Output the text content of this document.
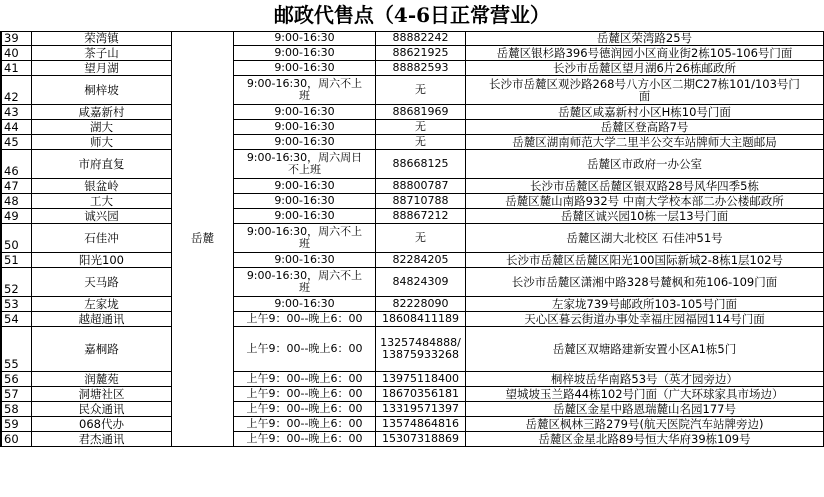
邮政代售点（4-6日正常营业）
39	荣湾镇	9:00-16:30	88882242	岳麓区荣湾路25号
40	茶子山	9:00-16:30	88621925	岳麓区银杉路396号德润园小区商业街2栋105-106号门面
41	望月湖	9:00-16:30	88882593	长沙市岳麓区望月湖6片26栋邮政所
42	桐梓坡	9:00-16:30，周六不上
班	无	长沙市岳麓区观沙路268号八方小区二期C27栋101/103号门
面
43	咸嘉新村	9:00-16:30	88681969	岳麓区咸嘉新村小区H栋10号门面
44	湖大	9:00-16:30	无	岳麓区登高路7号
45	师大	9:00-16:30	无	岳麓区湖南师范大学二里半公交车站牌师大主题邮局
46	市府直复	9:00-16:30，周六周日
不上班	88668125	岳麓区市政府一办公室
47	银盆岭	9:00-16:30	88800787	长沙市岳麓区岳麓区银双路28号风华四季5栋
48	工大	9:00-16:30	88710788	岳麓区麓山南路932号 中南大学校本部二办公楼邮政所
49	诚兴园	9:00-16:30	88867212	岳麓区诚兴园10栋一层13号门面
50	石佳冲	9:00-16:30，周六不上
班	无	岳麓区湖大北校区 石佳冲51号
51	阳光100	9:00-16:30	82284205	长沙市岳麓区岳麓区阳光100国际新城2-8栋1层102号
52	天马路	9:00-16:30，周六不上
班	84824309	长沙市岳麓区潇湘中路328号麓枫和苑106-109门面
53	左家垅	9:00-16:30	82228090	左家垅739号邮政所103-105号门面
54	越超通讯	上午9：00--晚上6：00	18608411189	天心区暮云街道办事处幸福庄园福园114号门面
55
嘉桐路	上午9：00--晚上6：00	13257484888/
13875933268	岳麓区双塘路建新安置小区A1栋5门
56	润麓苑	上午9：00--晚上6：00	13975118400	桐梓坡岳华南路53号（英才园旁边）
57	洞塘社区	上午9：00--晚上6：00	18670356181	望城坡玉兰路44栋102号门面（广大环球家具市场边）
58	民众通讯	上午9：00--晚上6：00	13319571397	岳麓区金星中路恩瑞麓山名园177号
59	068代办	上午9：00--晚上6：00	13574864816	岳麓区枫林三路279号(航天医院汽车站牌旁边)
60	君杰通讯	上午9：00--晚上6：00	15307318869	岳麓区金星北路89号恒大华府39栋109号
岳麓
